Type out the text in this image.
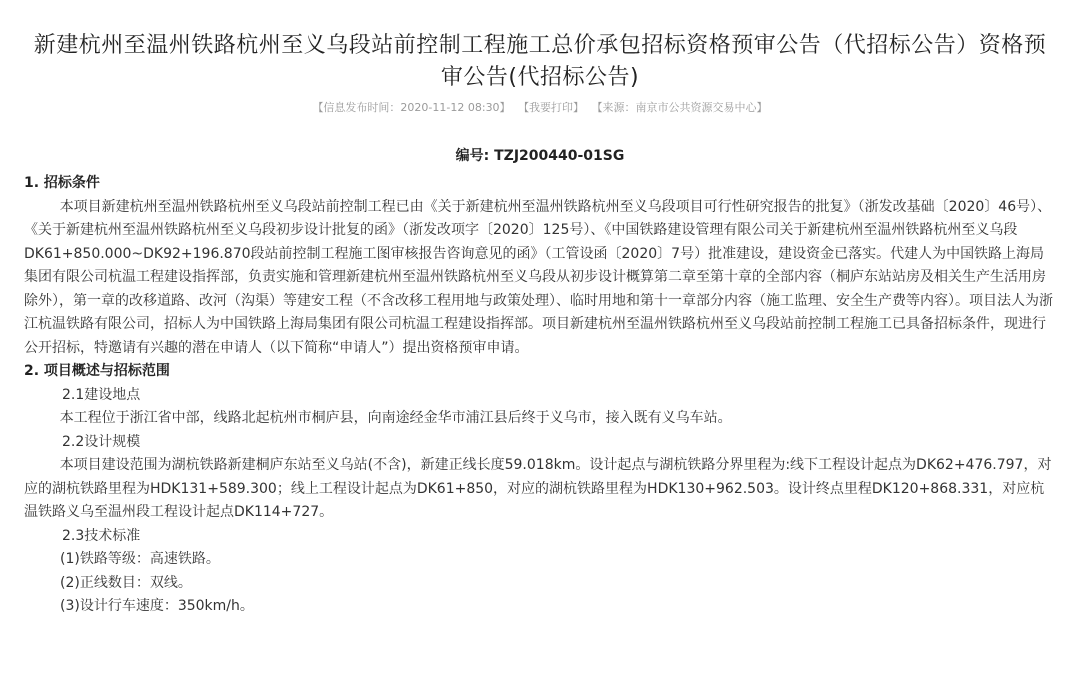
新建杭州至温州铁路杭州至义乌段站前控制工程施工总价承包招标资格预审公告（代招标公告）资格预审公告(代招标公告)
【信息发布时间：2020-11-12 08:30】 【我要打印】 【来源：南京市公共资源交易中心】
编号: TZJ200440-01SG
1. 招标条件
本项目新建杭州至温州铁路杭州至义乌段站前控制工程已由《关于新建杭州至温州铁路杭州至义乌段项目可行性研究报告的批复》（浙发改基础〔2020〕46号）、《关于新建杭州至温州铁路杭州至义乌段初步设计批复的函》（浙发改项字〔2020〕125号）、《中国铁路建设管理有限公司关于新建杭州至温州铁路杭州至义乌段DK61+850.000~DK92+196.870段站前控制工程施工图审核报告咨询意见的函》（工管设函〔2020〕7号）批准建设，建设资金已落实。代建人为中国铁路上海局集团有限公司杭温工程建设指挥部，负责实施和管理新建杭州至温州铁路杭州至义乌段从初步设计概算第二章至第十章的全部内容（桐庐东站站房及相关生产生活用房除外），第一章的改移道路、改河（沟渠）等建安工程（不含改移工程用地与政策处理）、临时用地和第十一章部分内容（施工监理、安全生产费等内容）。项目法人为浙江杭温铁路有限公司，招标人为中国铁路上海局集团有限公司杭温工程建设指挥部。项目新建杭州至温州铁路杭州至义乌段站前控制工程施工已具备招标条件，现进行公开招标，特邀请有兴趣的潜在申请人（以下简称“申请人”）提出资格预审申请。
2. 项目概述与招标范围
2.1建设地点
本工程位于浙江省中部，线路北起杭州市桐庐县，向南途经金华市浦江县后终于义乌市，接入既有义乌车站。
2.2设计规模
本项目建设范围为湖杭铁路新建桐庐东站至义乌站(不含)，新建正线长度59.018km。设计起点与湖杭铁路分界里程为:线下工程设计起点为DK62+476.797，对应的湖杭铁路里程为HDK131+589.300；线上工程设计起点为DK61+850，对应的湖杭铁路里程为HDK130+962.503。设计终点里程DK120+868.331，对应杭温铁路义乌至温州段工程设计起点DK114+727。
2.3技术标准
(1)铁路等级：高速铁路。
(2)正线数目：双线。
(3)设计行车速度：350km/h。
